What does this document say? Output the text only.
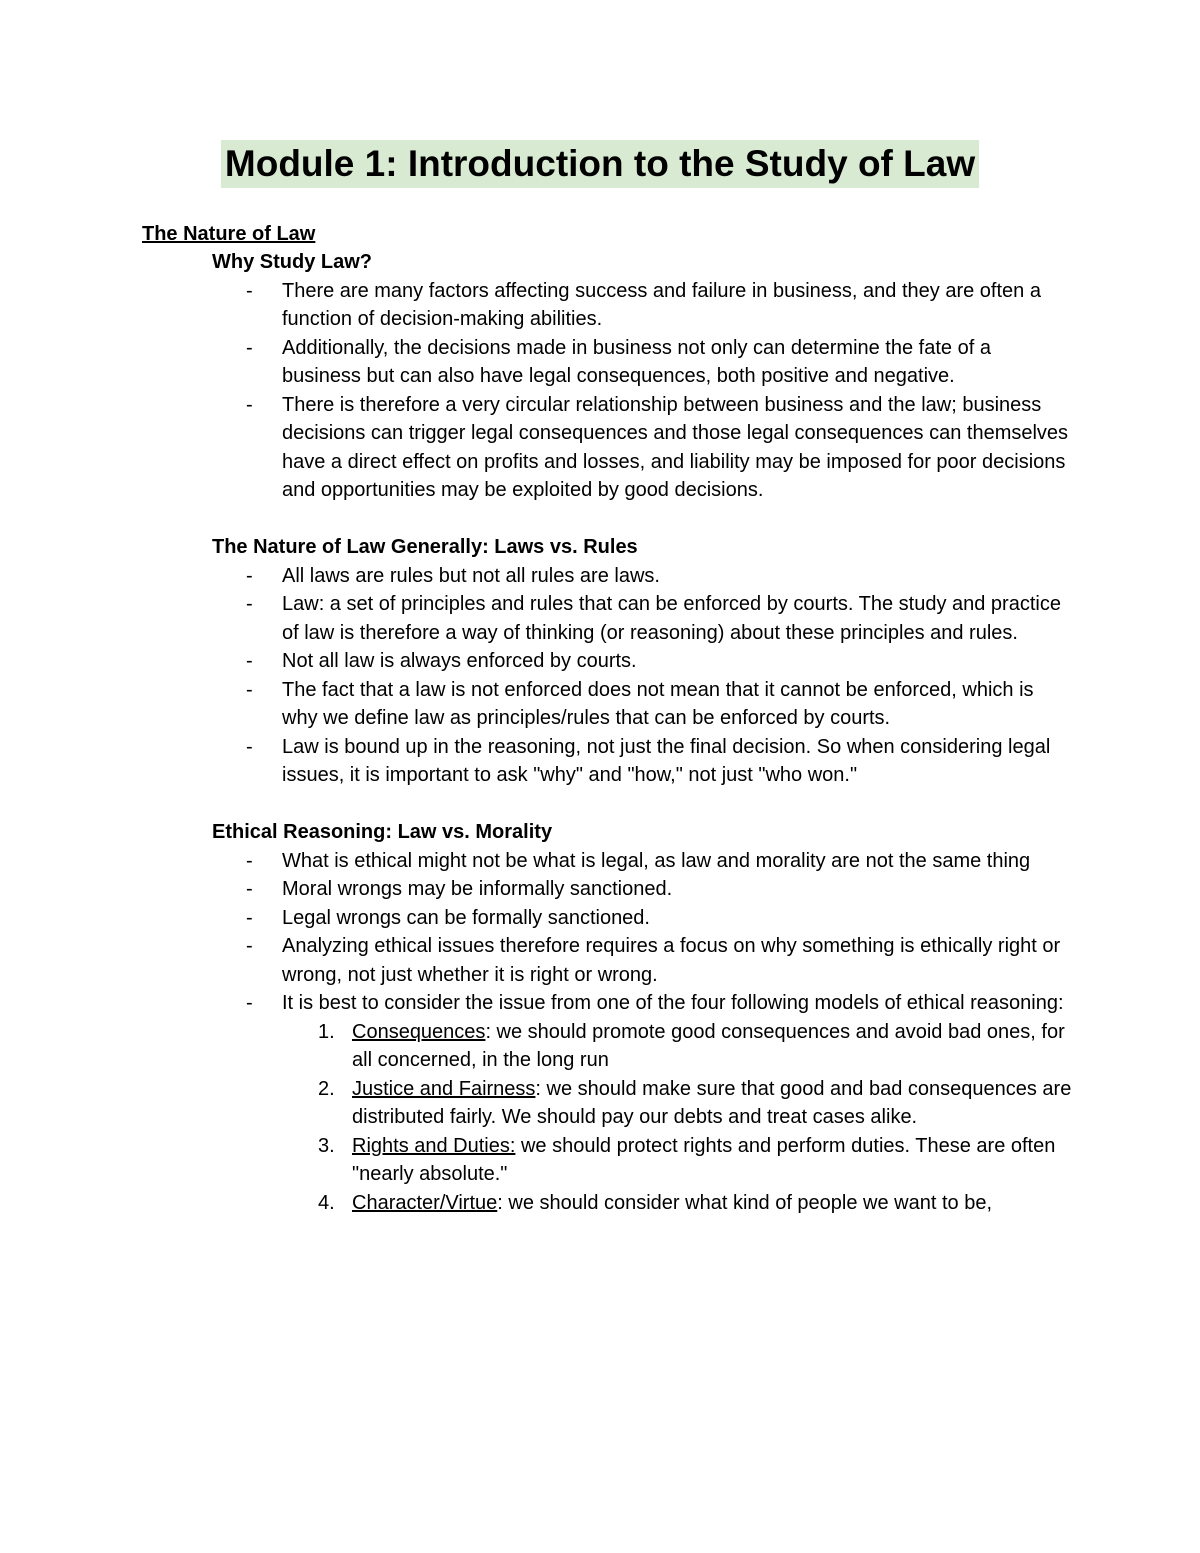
Module 1: Introduction to the Study of Law
The Nature of Law
Why Study Law?
- There are many factors affecting success and failure in business, and they are often a function of decision-making abilities.
- Additionally, the decisions made in business not only can determine the fate of a business but can also have legal consequences, both positive and negative.
- There is therefore a very circular relationship between business and the law; business decisions can trigger legal consequences and those legal consequences can themselves have a direct effect on profits and losses, and liability may be imposed for poor decisions and opportunities may be exploited by good decisions.
The Nature of Law Generally: Laws vs. Rules
- All laws are rules but not all rules are laws.
- Law: a set of principles and rules that can be enforced by courts. The study and practice of law is therefore a way of thinking (or reasoning) about these principles and rules.
- Not all law is always enforced by courts.
- The fact that a law is not enforced does not mean that it cannot be enforced, which is why we define law as principles/rules that can be enforced by courts.
- Law is bound up in the reasoning, not just the final decision. So when considering legal issues, it is important to ask "why" and "how," not just "who won."
Ethical Reasoning: Law vs. Morality
- What is ethical might not be what is legal, as law and morality are not the same thing
- Moral wrongs may be informally sanctioned.
- Legal wrongs can be formally sanctioned.
- Analyzing ethical issues therefore requires a focus on why something is ethically right or wrong, not just whether it is right or wrong.
- It is best to consider the issue from one of the four following models of ethical reasoning:
1. Consequences: we should promote good consequences and avoid bad ones, for all concerned, in the long run
2. Justice and Fairness: we should make sure that good and bad consequences are distributed fairly. We should pay our debts and treat cases alike.
3. Rights and Duties: we should protect rights and perform duties. These are often "nearly absolute."
4. Character/Virtue: we should consider what kind of people we want to be,
